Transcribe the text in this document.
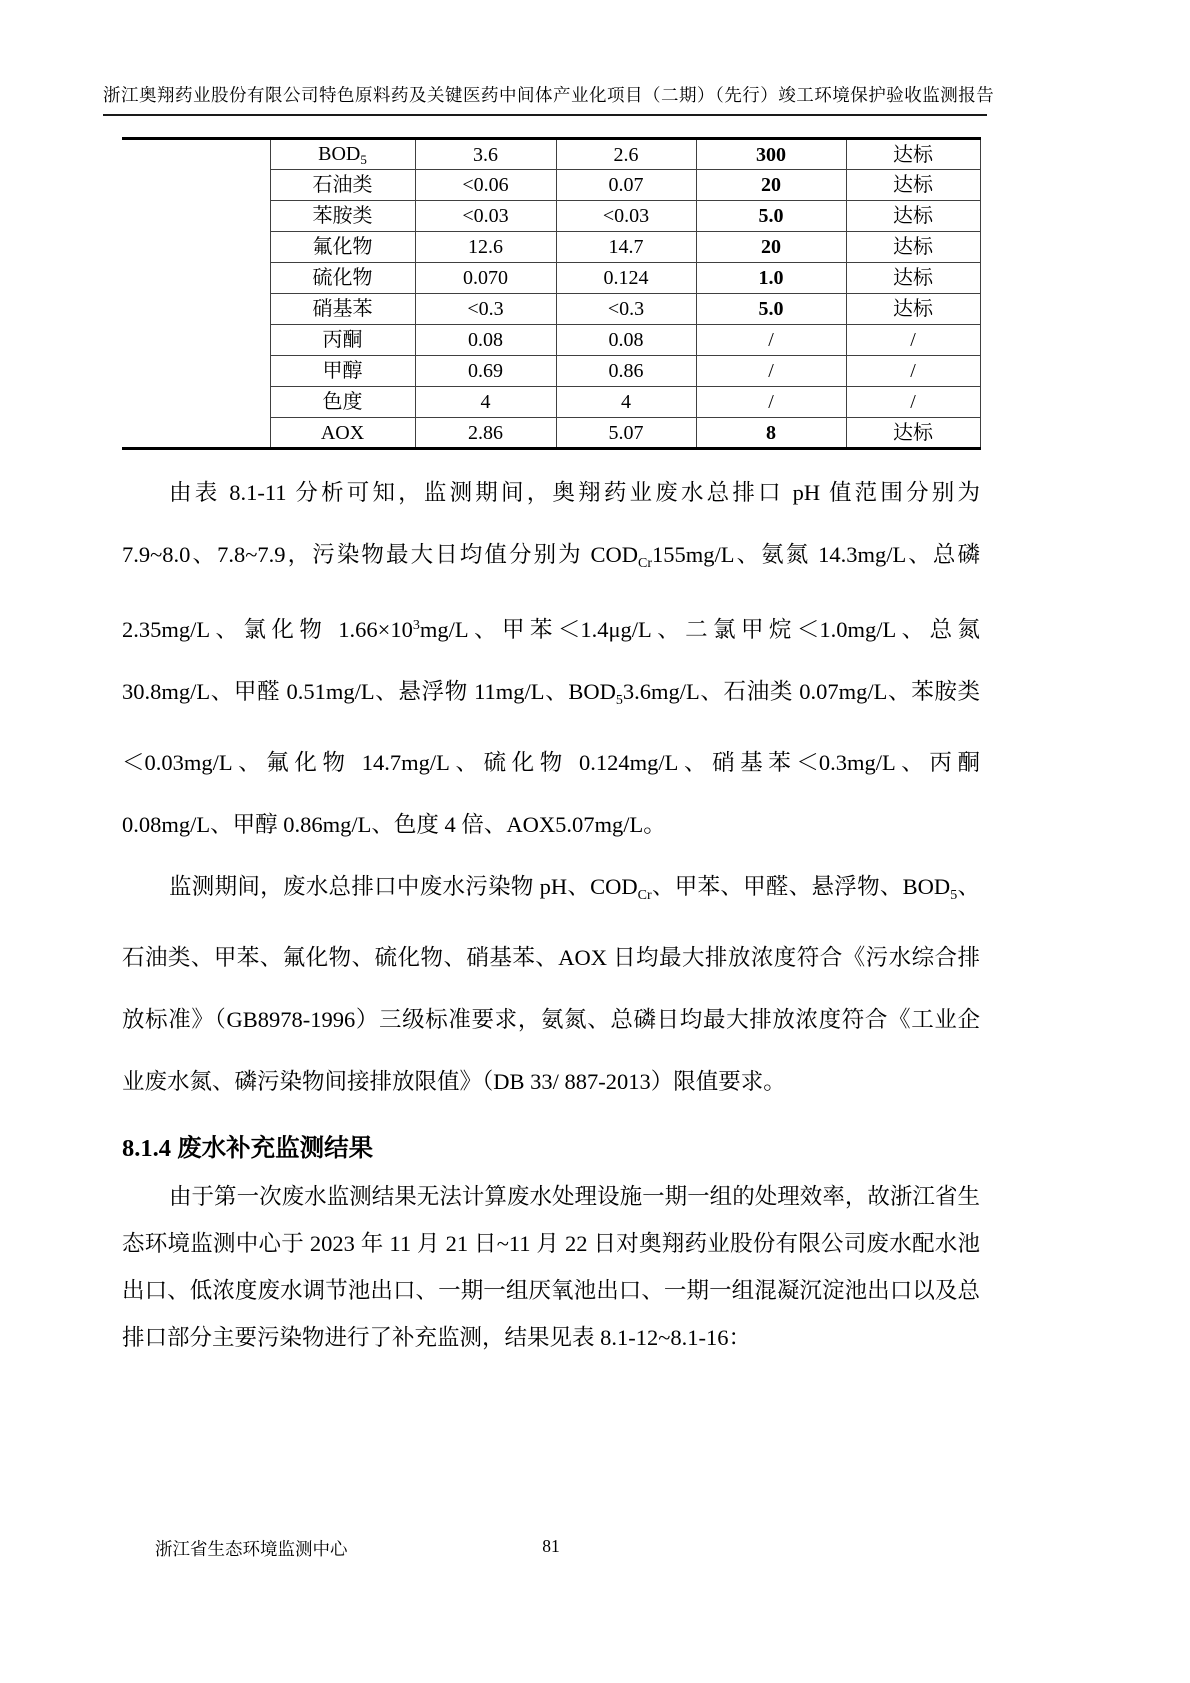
浙江奥翔药业股份有限公司特色原料药及关键医药中间体产业化项目（二期）（先行）竣工环境保护验收监测报告
	$BOD_5$	3.6	2.6	300	达标
	石油类	<0.06	0.07	20	达标
	苯胺类	<0.03	<0.03	5.0	达标
	氟化物	12.6	14.7	20	达标
	硫化物	0.070	0.124	1.0	达标
	硝基苯	<0.3	<0.3	5.0	达标
	丙酮	0.08	0.08	/	/
	甲醇	0.69	0.86	/	/
	色度	4	4	/	/
	AOX	2.86	5.07	8	达标

由表 8.1-11 分析可知，监测期间，奥翔药业废水总排口 pH 值范围分别为 7.9~8.0、7.8~7.9，污染物最大日均值分别为 $COD_{Cr}155mg/L$、氨氮 14.3mg/L、总磷 2.35mg/L、氯化物 $1.66\times 10^3mg/L$、甲苯＜1.4μg/L、二氯甲烷＜1.0mg/L、总氮 30.8mg/L、甲醛 0.51mg/L、悬浮物 11mg/L、$BOD_53.6mg/L$、石油类 0.07mg/L、苯胺类＜0.03mg/L、氟化物 14.7mg/L、硫化物 0.124mg/L、硝基苯＜0.3mg/L、丙酮 0.08mg/L、甲醇 0.86mg/L、色度 4 倍、AOX5.07mg/L。

监测期间，废水总排口中废水污染物 pH、$COD_{Cr}$、甲苯、甲醛、悬浮物、$BOD_5$、石油类、甲苯、氟化物、硫化物、硝基苯、AOX 日均最大排放浓度符合《污水综合排放标准》（GB8978-1996）三级标准要求，氨氮、总磷日均最大排放浓度符合《工业企业废水氮、磷污染物间接排放限值》（DB 33/ 887-2013）限值要求。

8.1.4 废水补充监测结果

由于第一次废水监测结果无法计算废水处理设施一期一组的处理效率，故浙江省生态环境监测中心于 2023 年 11 月 21 日~11 月 22 日对奥翔药业股份有限公司废水配水池出口、低浓度废水调节池出口、一期一组厌氧池出口、一期一组混凝沉淀池出口以及总排口部分主要污染物进行了补充监测，结果见表 8.1-12~8.1-16：

81
浙江省生态环境监测中心
